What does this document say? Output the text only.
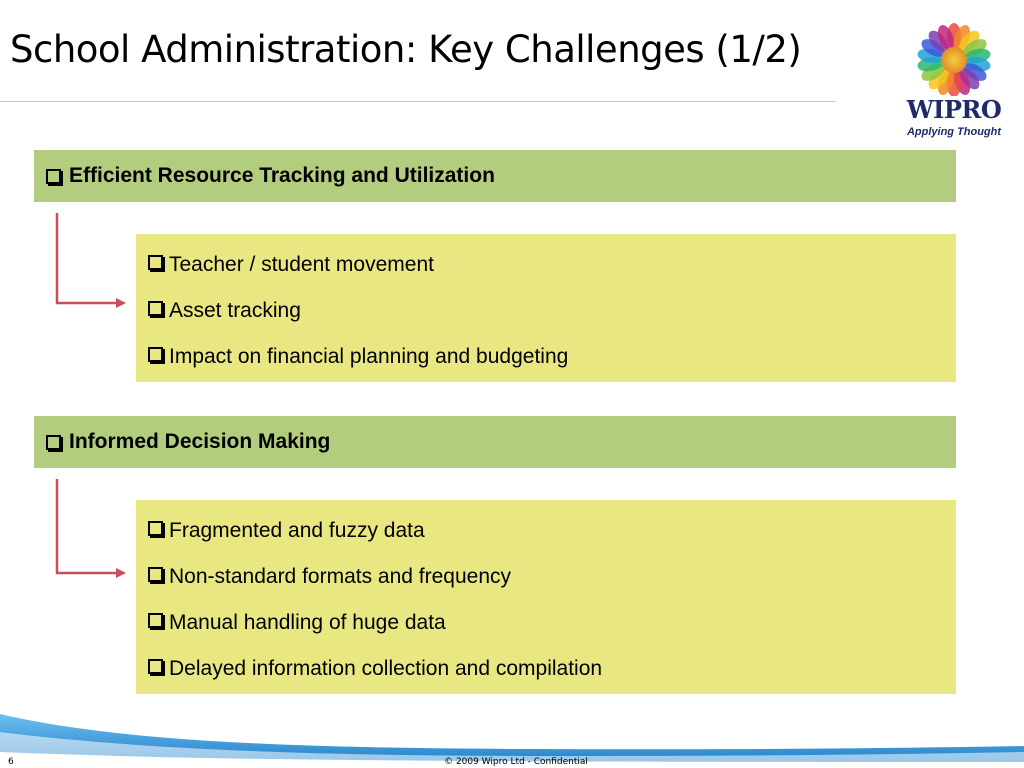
School Administration: Key Challenges (1/2)
WIPRO
Applying Thought
Efficient Resource Tracking and Utilization
Teacher / student movement
Asset tracking
Impact on financial planning and budgeting
Informed Decision Making
Fragmented and fuzzy data
Non-standard formats and frequency
Manual handling of huge data
Delayed information collection and compilation
6	© 2009 Wipro Ltd - Confidential
